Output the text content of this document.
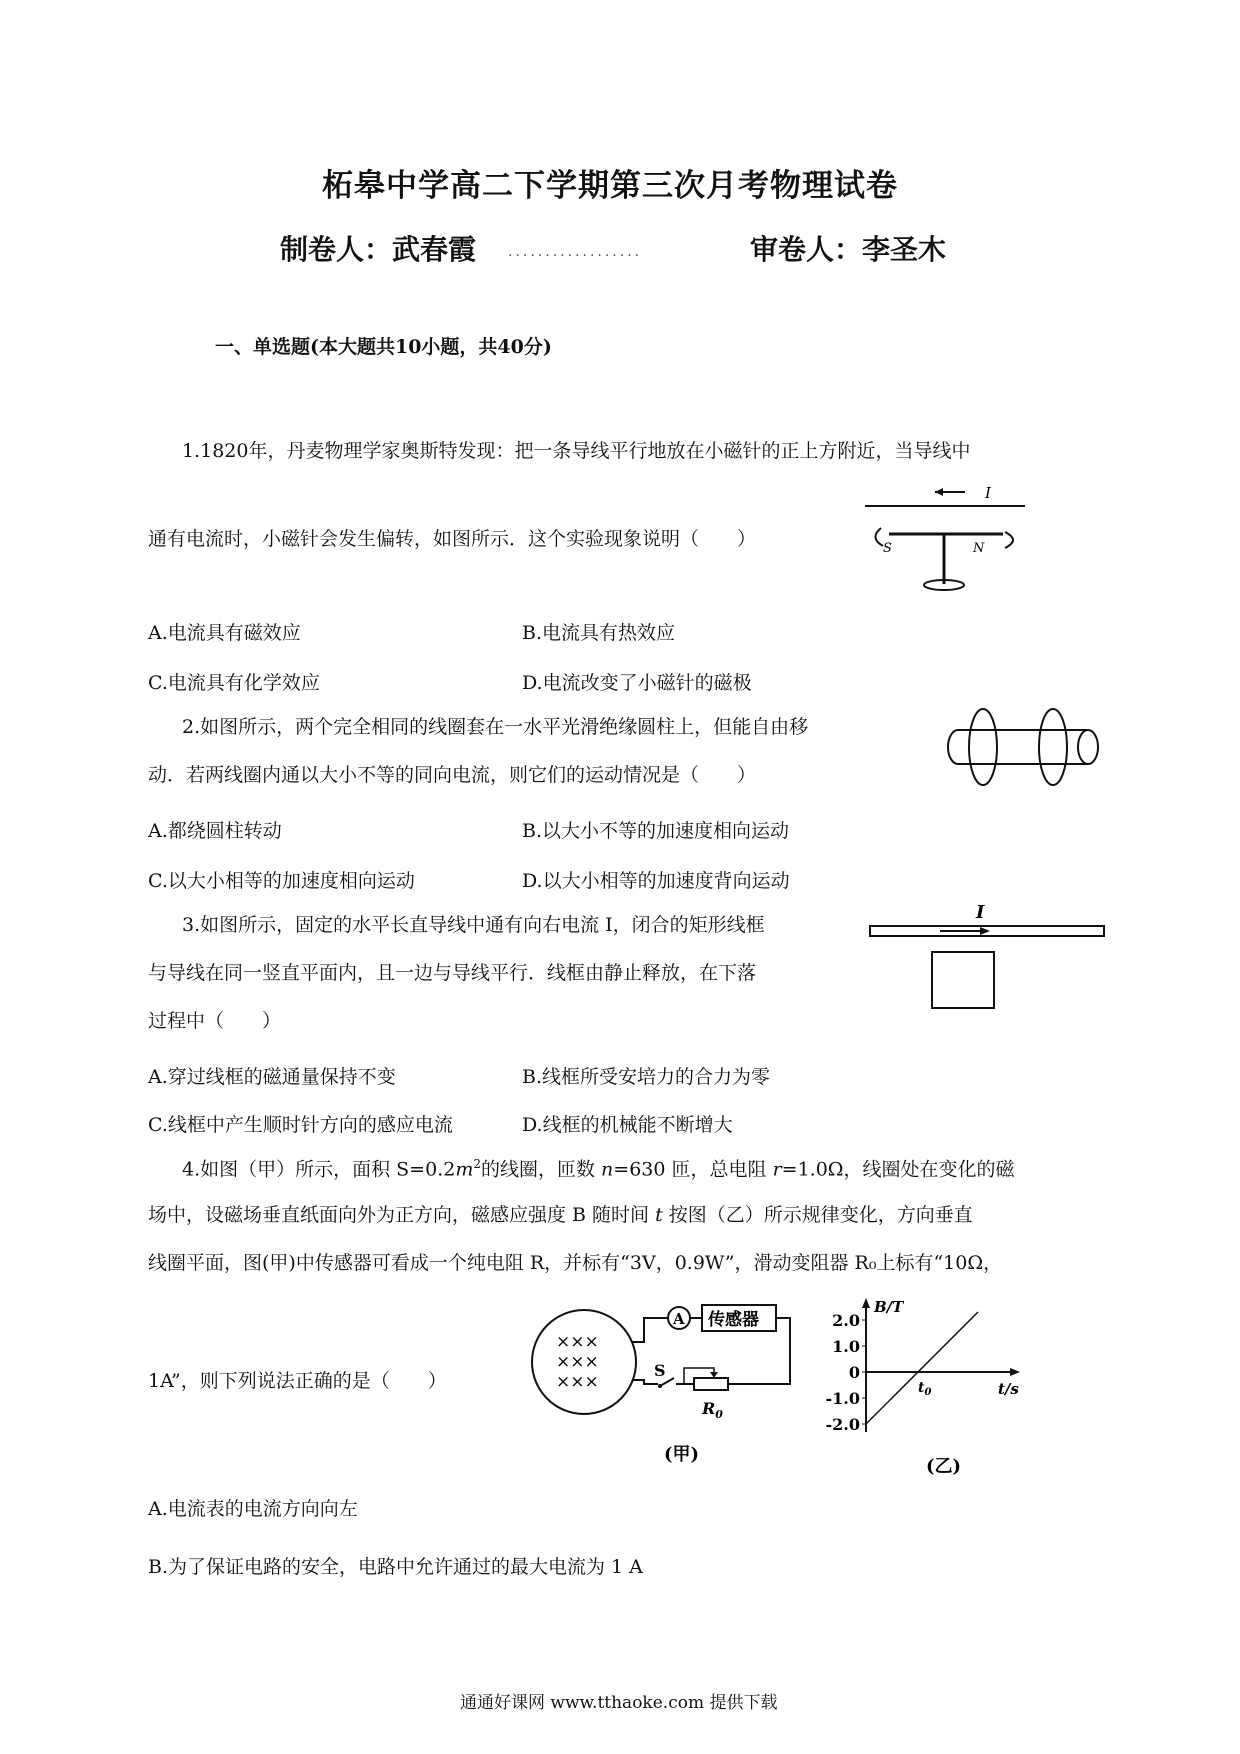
柘皋中学高二下学期第三次月考物理试卷
制卷人：武春霞 ..................	审卷人：李圣木
一、单选题(本大题共10小题，共40分)
1.1820年，丹麦物理学家奥斯特发现：把一条导线平行地放在小磁针的正上方附近，当导线中
通有电流时，小磁针会发生偏转，如图所示．这个实验现象说明（　　）
I
S	N
A.电流具有磁效应	B.电流具有热效应
C.电流具有化学效应	D.电流改变了小磁针的磁极
2.如图所示，两个完全相同的线圈套在一水平光滑绝缘圆柱上，但能自由移
动．若两线圈内通以大小不等的同向电流，则它们的运动情况是（　　）
A.都绕圆柱转动	B.以大小不等的加速度相向运动
C.以大小相等的加速度相向运动	D.以大小相等的加速度背向运动
3.如图所示，固定的水平长直导线中通有向右电流 I，闭合的矩形线框
与导线在同一竖直平面内，且一边与导线平行．线框由静止释放，在下落
过程中（　　）
I
A.穿过线框的磁通量保持不变	B.线框所受安培力的合力为零
C.线框中产生顺时针方向的感应电流	D.线框的机械能不断增大
4.如图（甲）所示，面积 $S=0.2m^2$的线圈，匝数 n=630 匝，总电阻 r=1.0Ω，线圈处在变化的磁
场中，设磁场垂直纸面向外为正方向，磁感应强度 B 随时间 t 按图（乙）所示规律变化，方向垂直
线圈平面，图(甲)中传感器可看成一个纯电阻 R，并标有“3V，0.9W”，滑动变阻器 R₀上标有“10Ω，
1A”，则下列说法正确的是（　　）
×××
×××
×××
A 传感器
S
$R_0$
(甲)
B/T
t/s
2.0
1.0
0
-1.0
-2.0
$t_0$
(乙)
A.电流表的电流方向向左
B.为了保证电路的安全，电路中允许通过的最大电流为 1 A
通通好课网 www.tthaoke.com 提供下载
